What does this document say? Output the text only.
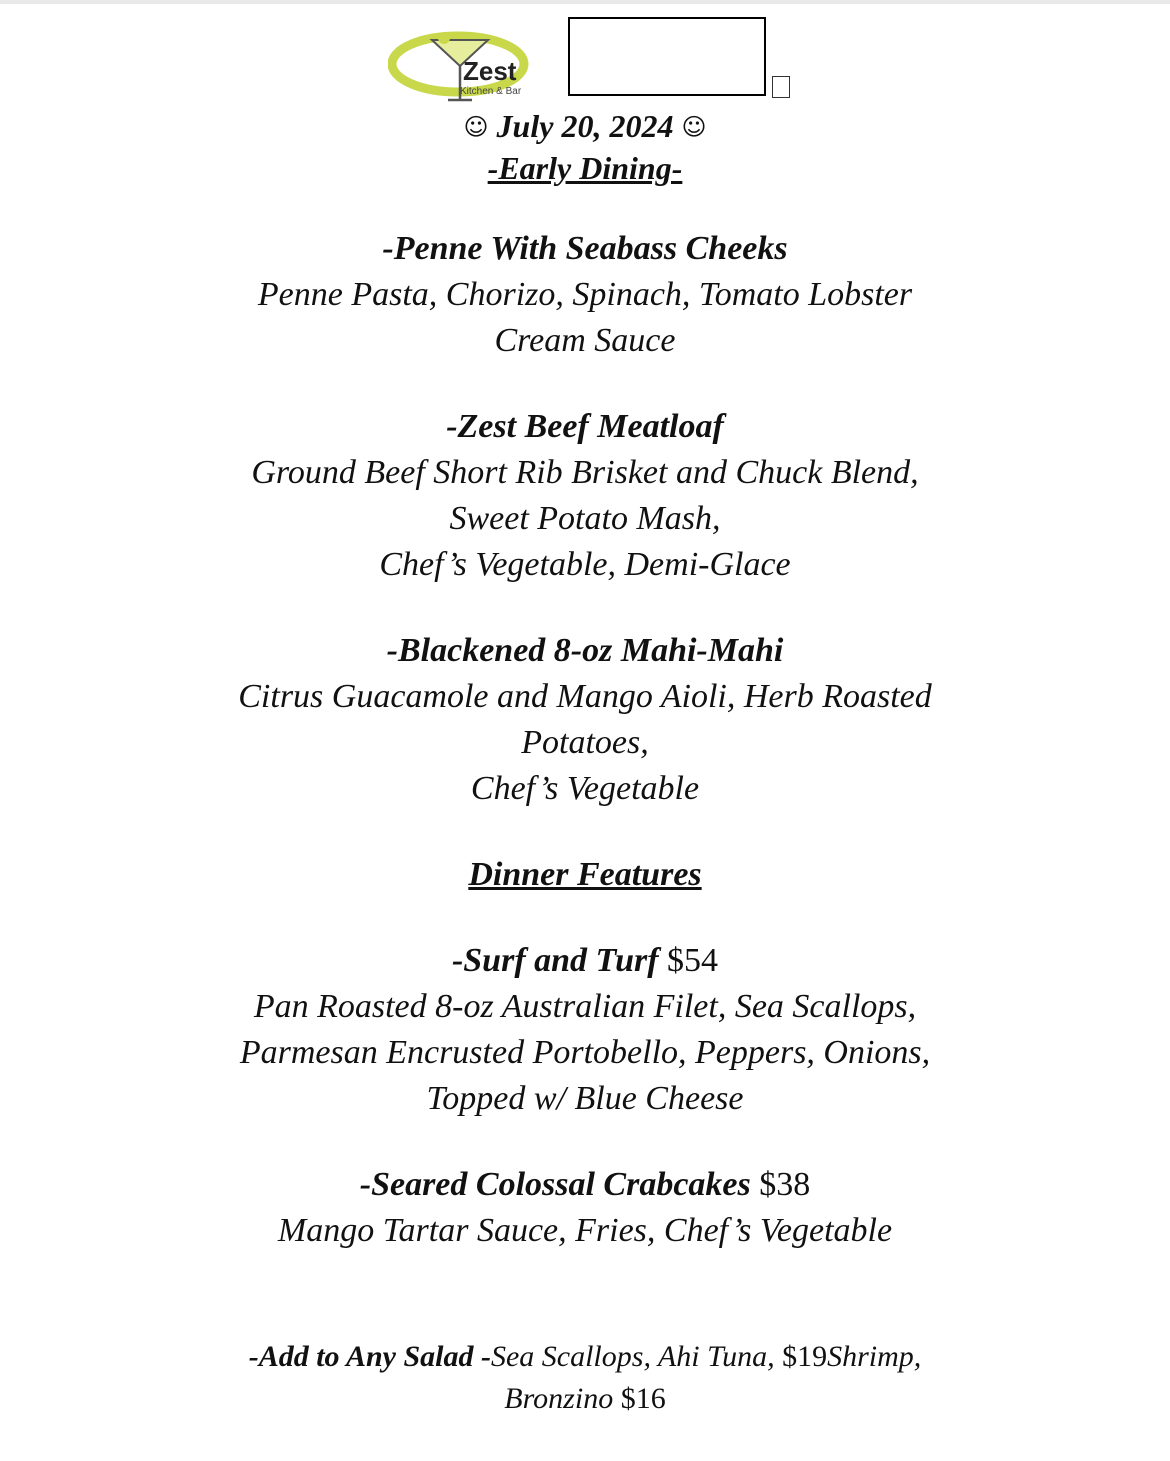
Zest
Kitchen & Bar
☺ July 20, 2024 ☺
-Early Dining-
-Penne With Seabass Cheeks
Penne Pasta, Chorizo, Spinach, Tomato Lobster
Cream Sauce
-Zest Beef Meatloaf
Ground Beef Short Rib Brisket and Chuck Blend,
Sweet Potato Mash,
Chef’s Vegetable, Demi-Glace
-Blackened 8-oz Mahi-Mahi
Citrus Guacamole and Mango Aioli, Herb Roasted
Potatoes,
Chef’s Vegetable
Dinner Features
-Surf and Turf $54
Pan Roasted 8-oz Australian Filet, Sea Scallops,
Parmesan Encrusted Portobello, Peppers, Onions,
Topped w/ Blue Cheese
-Seared Colossal Crabcakes $38
Mango Tartar Sauce, Fries, Chef’s Vegetable
-Add to Any Salad -Sea Scallops, Ahi Tuna, $19Shrimp,
Bronzino $16
